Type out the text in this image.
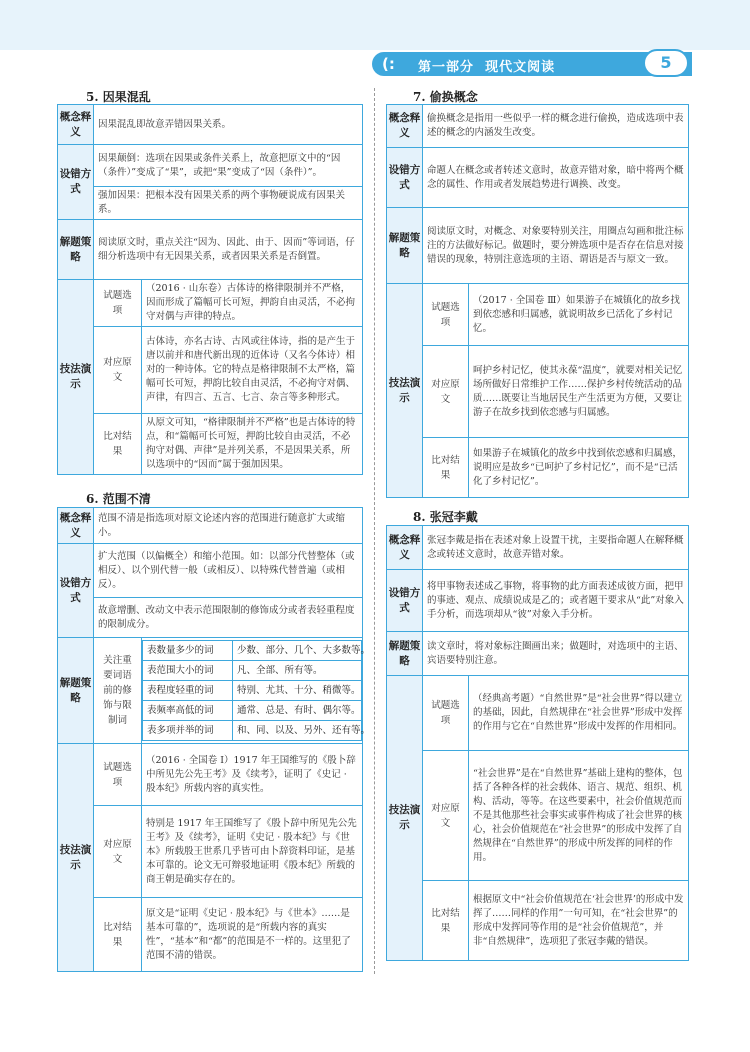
(:	第一部分 现代文阅读	5
5. 因果混乱
概念释义	因果混乱即故意弄错因果关系。	
设错方式	因果颠倒：选项在因果或条件关系上，故意把原文中的“因（条件）”变成了“果”，或把“果”变成了“因（条件）”。	
	强加因果：把根本没有因果关系的两个事物硬说成有因果关系。	
解题策略	阅读原文时，重点关注“因为、因此、由于、因而”等词语，仔细分析选项中有无因果关系，或者因果关系是否倒置。	
技法演示	试题选项	（2016 · 山东卷）古体诗的格律限制并不严格，因而形成了篇幅可长可短，押韵自由灵活，不必拘守对偶与声律的特点。
	对应原文	古体诗，亦名古诗、古风或往体诗，指的是产生于唐以前并和唐代新出现的近体诗（又名今体诗）相对的一种诗体。它的特点是格律限制不太严格，篇幅可长可短，押韵比较自由灵活，不必拘守对偶、声律，有四言、五言、七言、杂言等多种形式。
	比对结果	从原文可知，“格律限制并不严格”也是古体诗的特点，和“篇幅可长可短，押韵比较自由灵活，不必拘守对偶、声律”是并列关系，不是因果关系，所以选项中的“因而”属于强加因果。
6. 范围不清
概念释义	范围不清是指选项对原文论述内容的范围进行随意扩大或缩小。
设错方式	扩大范围（以偏概全）和缩小范围。如：以部分代替整体（或相反）、以个别代替一般（或相反）、以特殊代替普遍（或相反）。
故意增删、改动文中表示范围限制的修饰成分或者表轻重程度的限制成分。
解题策略	关注重要词语前的修饰与限制词	
表数量多少的词	少数、部分、几个、大多数等。
表范围大小的词	凡、全部、所有等。
表程度轻重的词	特别、尤其、十分、稍微等。
表频率高低的词	通常、总是、有时、偶尔等。
表多项并举的词	和、同、以及、另外、还有等。

技法演示	试题选项	（2016 · 全国卷 Ⅰ）1917 年王国维写的《殷卜辞中所见先公先王考》及《续考》，证明了《史记 · 殷本纪》所载内容的真实性。
对应原文	特别是 1917 年王国维写了《殷卜辞中所见先公先王考》及《续考》，证明《史记 · 殷本纪》与《世本》所载殷王世系几乎皆可由卜辞资料印证，是基本可靠的。论文无可辩驳地证明《殷本纪》所载的商王朝是确实存在的。
比对结果	原文是“证明《史记 · 殷本纪》与《世本》……是基本可靠的”，选项说的是“所载内容的真实性”，“基本”和“都”的范围是不一样的。这里犯了范围不清的错误。
7. 偷换概念
概念释义	偷换概念是指用一些似乎一样的概念进行偷换，造成选项中表述的概念的内涵发生改变。	
设错方式	命题人在概念或者转述文意时，故意弄错对象，暗中将两个概念的属性、作用或者发展趋势进行调换、改变。	
解题策略	阅读原文时，对概念、对象要特别关注，用圈点勾画和批注标注的方法做好标记。做题时，要分辨选项中是否存在信息对接错误的现象，特别注意选项的主语、谓语是否与原文一致。	
技法演示	试题选项	（2017 · 全国卷 Ⅲ）如果游子在城镇化的故乡找到依恋感和归属感，就说明故乡已活化了乡村记忆。
	对应原文	呵护乡村记忆，使其永葆“温度”，就要对相关记忆场所做好日常维护工作……保护乡村传统活动的品质……既要让当地居民生产生活更为方便，又要让游子在故乡找到依恋感与归属感。
	比对结果	如果游子在城镇化的故乡中找到依恋感和归属感，说明应是故乡“已呵护了乡村记忆”，而不是“已活化了乡村记忆”。
8. 张冠李戴
概念释义	张冠李戴是指在表述对象上设置干扰，主要指命题人在解释概念或转述文意时，故意弄错对象。	
设错方式	将甲事物表述成乙事物，将事物的此方面表述成彼方面，把甲的事迹、观点、成绩说成是乙的；或者题干要求从“此”对象入手分析，而选项却从“彼”对象入手分析。	
解题策略	读文章时，将对象标注圈画出来；做题时，对选项中的主语、宾语要特别注意。	
技法演示	试题选项	（经典高考题）“自然世界”是“社会世界”得以建立的基础，因此，自然规律在“社会世界”形成中发挥的作用与它在“自然世界”形成中发挥的作用相同。
	对应原文	“社会世界”是在“自然世界”基础上建构的整体，包括了各种各样的社会载体、语言、规范、组织、机构、活动，等等。在这些要素中，社会价值规范而不是其他那些社会事实或事件构成了社会世界的核心，社会价值规范在“社会世界”的形成中发挥了自然规律在“自然世界”的形成中所发挥的同样的作用。
	比对结果	根据原文中“社会价值规范在‘社会世界’的形成中发挥了……同样的作用”一句可知，在“社会世界”的形成中发挥同等作用的是“社会价值规范”，并非“自然规律”，选项犯了张冠李戴的错误。
